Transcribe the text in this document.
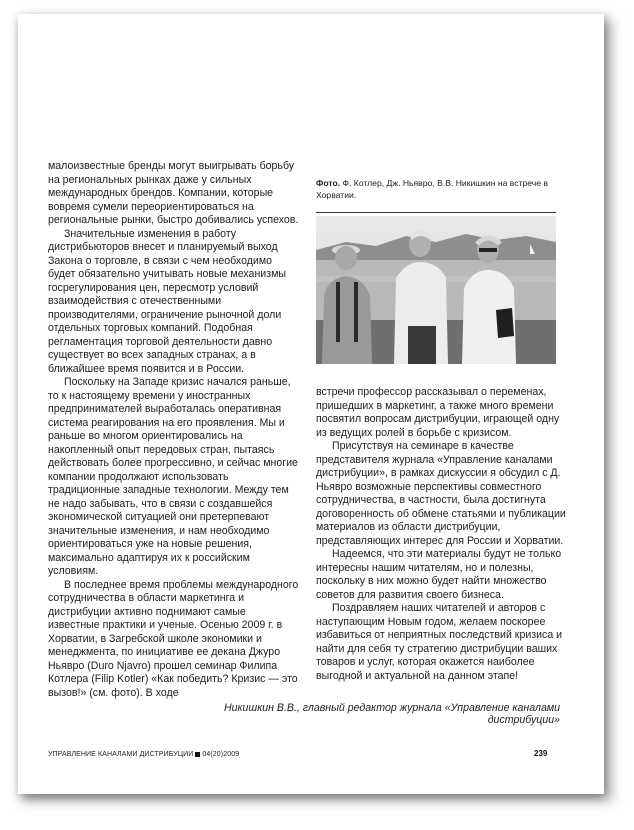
малоизвестные бренды могут выигрывать борьбу на региональных рынках даже у сильных международных брендов. Компании, которые вовремя сумели переориентироваться на региональные рынки, быстро добивались успехов.

Значительные изменения в работу дистрибьюторов внесет и планируемый выход Закона о торговле, в связи с чем необходимо будет обязательно учитывать новые механизмы госрегулирования цен, пересмотр условий взаимодействия с отечественными производителями, ограничение рыночной доли отдельных торговых компаний. Подобная регламентация торговой деятельности давно существует во всех западных странах, а в ближайшее время появится и в России.

Поскольку на Западе кризис начался раньше, то к настоящему времени у иностранных предпринимателей выработалась оперативная система реагирования на его проявления. Мы и раньше во многом ориентировались на накопленный опыт передовых стран, пытаясь действовать более прогрессивно, и сейчас многие компании продолжают использовать традиционные западные технологии. Между тем не надо забывать, что в связи с создавшейся экономической ситуацией они претерпевают значительные изменения, и нам необходимо ориентироваться уже на новые решения, максимально адаптируя их к российским условиям.

В последнее время проблемы международного сотрудничества в области маркетинга и дистрибуции активно поднимают самые известные практики и ученые. Осенью 2009 г. в Хорватии, в Загребской школе экономики и менеджмента, по инициативе ее декана Джуро Ньявро (Duro Njavro) прошел семинар Филипа Котлера (Filip Kotler) «Как победить? Кризис — это вызов!» (см. фото). В ходе

Фото. Ф. Котлер, Дж. Ньявро, В.В. Никишкин на встрече в Хорватии.

встречи профессор рассказывал о переменах, пришедших в маркетинг, а также много времени посвятил вопросам дистрибуции, играющей одну из ведущих ролей в борьбе с кризисом.

Присутствуя на семинаре в качестве представителя журнала «Управление каналами дистрибуции», в рамках дискуссии я обсудил с Д. Ньявро возможные перспективы совместного сотрудничества, в частности, была достигнута договоренность об обмене статьями и публикации материалов из области дистрибуции, представляющих интерес для России и Хорватии.

Надеемся, что эти материалы будут не только интересны нашим читателям, но и полезны, поскольку в них можно будет найти множество советов для развития своего бизнеса.

Поздравляем наших читателей и авторов с наступающим Новым годом, желаем поскорее избавиться от неприятных последствий кризиса и найти для себя ту стратегию дистрибуции ваших товаров и услуг, которая окажется наиболее выгодной и актуальной на данном этапе!

Никишкин В.В., главный редактор журнала «Управление каналами дистрибуции»
УПРАВЛЕНИЕ КАНАЛАМИ ДИСТРИБУЦИИ 04(20)2009	239
